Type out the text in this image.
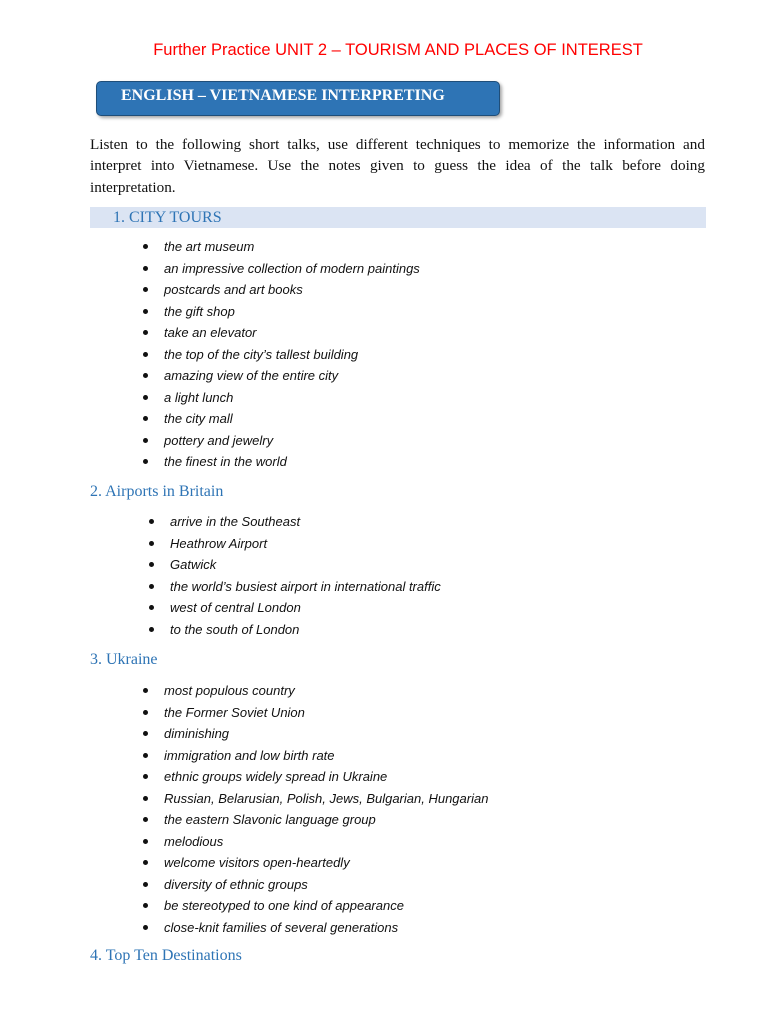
Further Practice UNIT 2 – TOURISM AND PLACES OF INTEREST
ENGLISH – VIETNAMESE INTERPRETING

Listen to the following short talks, use different techniques to memorize the information and interpret into Vietnamese. Use the notes given to guess the idea of the talk before doing interpretation.

1. CITY TOURS
the art museum
an impressive collection of modern paintings
postcards and art books
the gift shop
take an elevator
the top of the city’s tallest building
amazing view of the entire city
a light lunch
the city mall
pottery and jewelry
the finest in the world
2. Airports in Britain
arrive in the Southeast
Heathrow Airport
Gatwick
the world’s busiest airport in international traffic
west of central London
to the south of London
3. Ukraine
most populous country
the Former Soviet Union
diminishing
immigration and low birth rate
ethnic groups widely spread in Ukraine
Russian, Belarusian, Polish, Jews, Bulgarian, Hungarian
the eastern Slavonic language group
melodious
welcome visitors open-heartedly
diversity of ethnic groups
be stereotyped to one kind of appearance
close-knit families of several generations
4. Top Ten Destinations
